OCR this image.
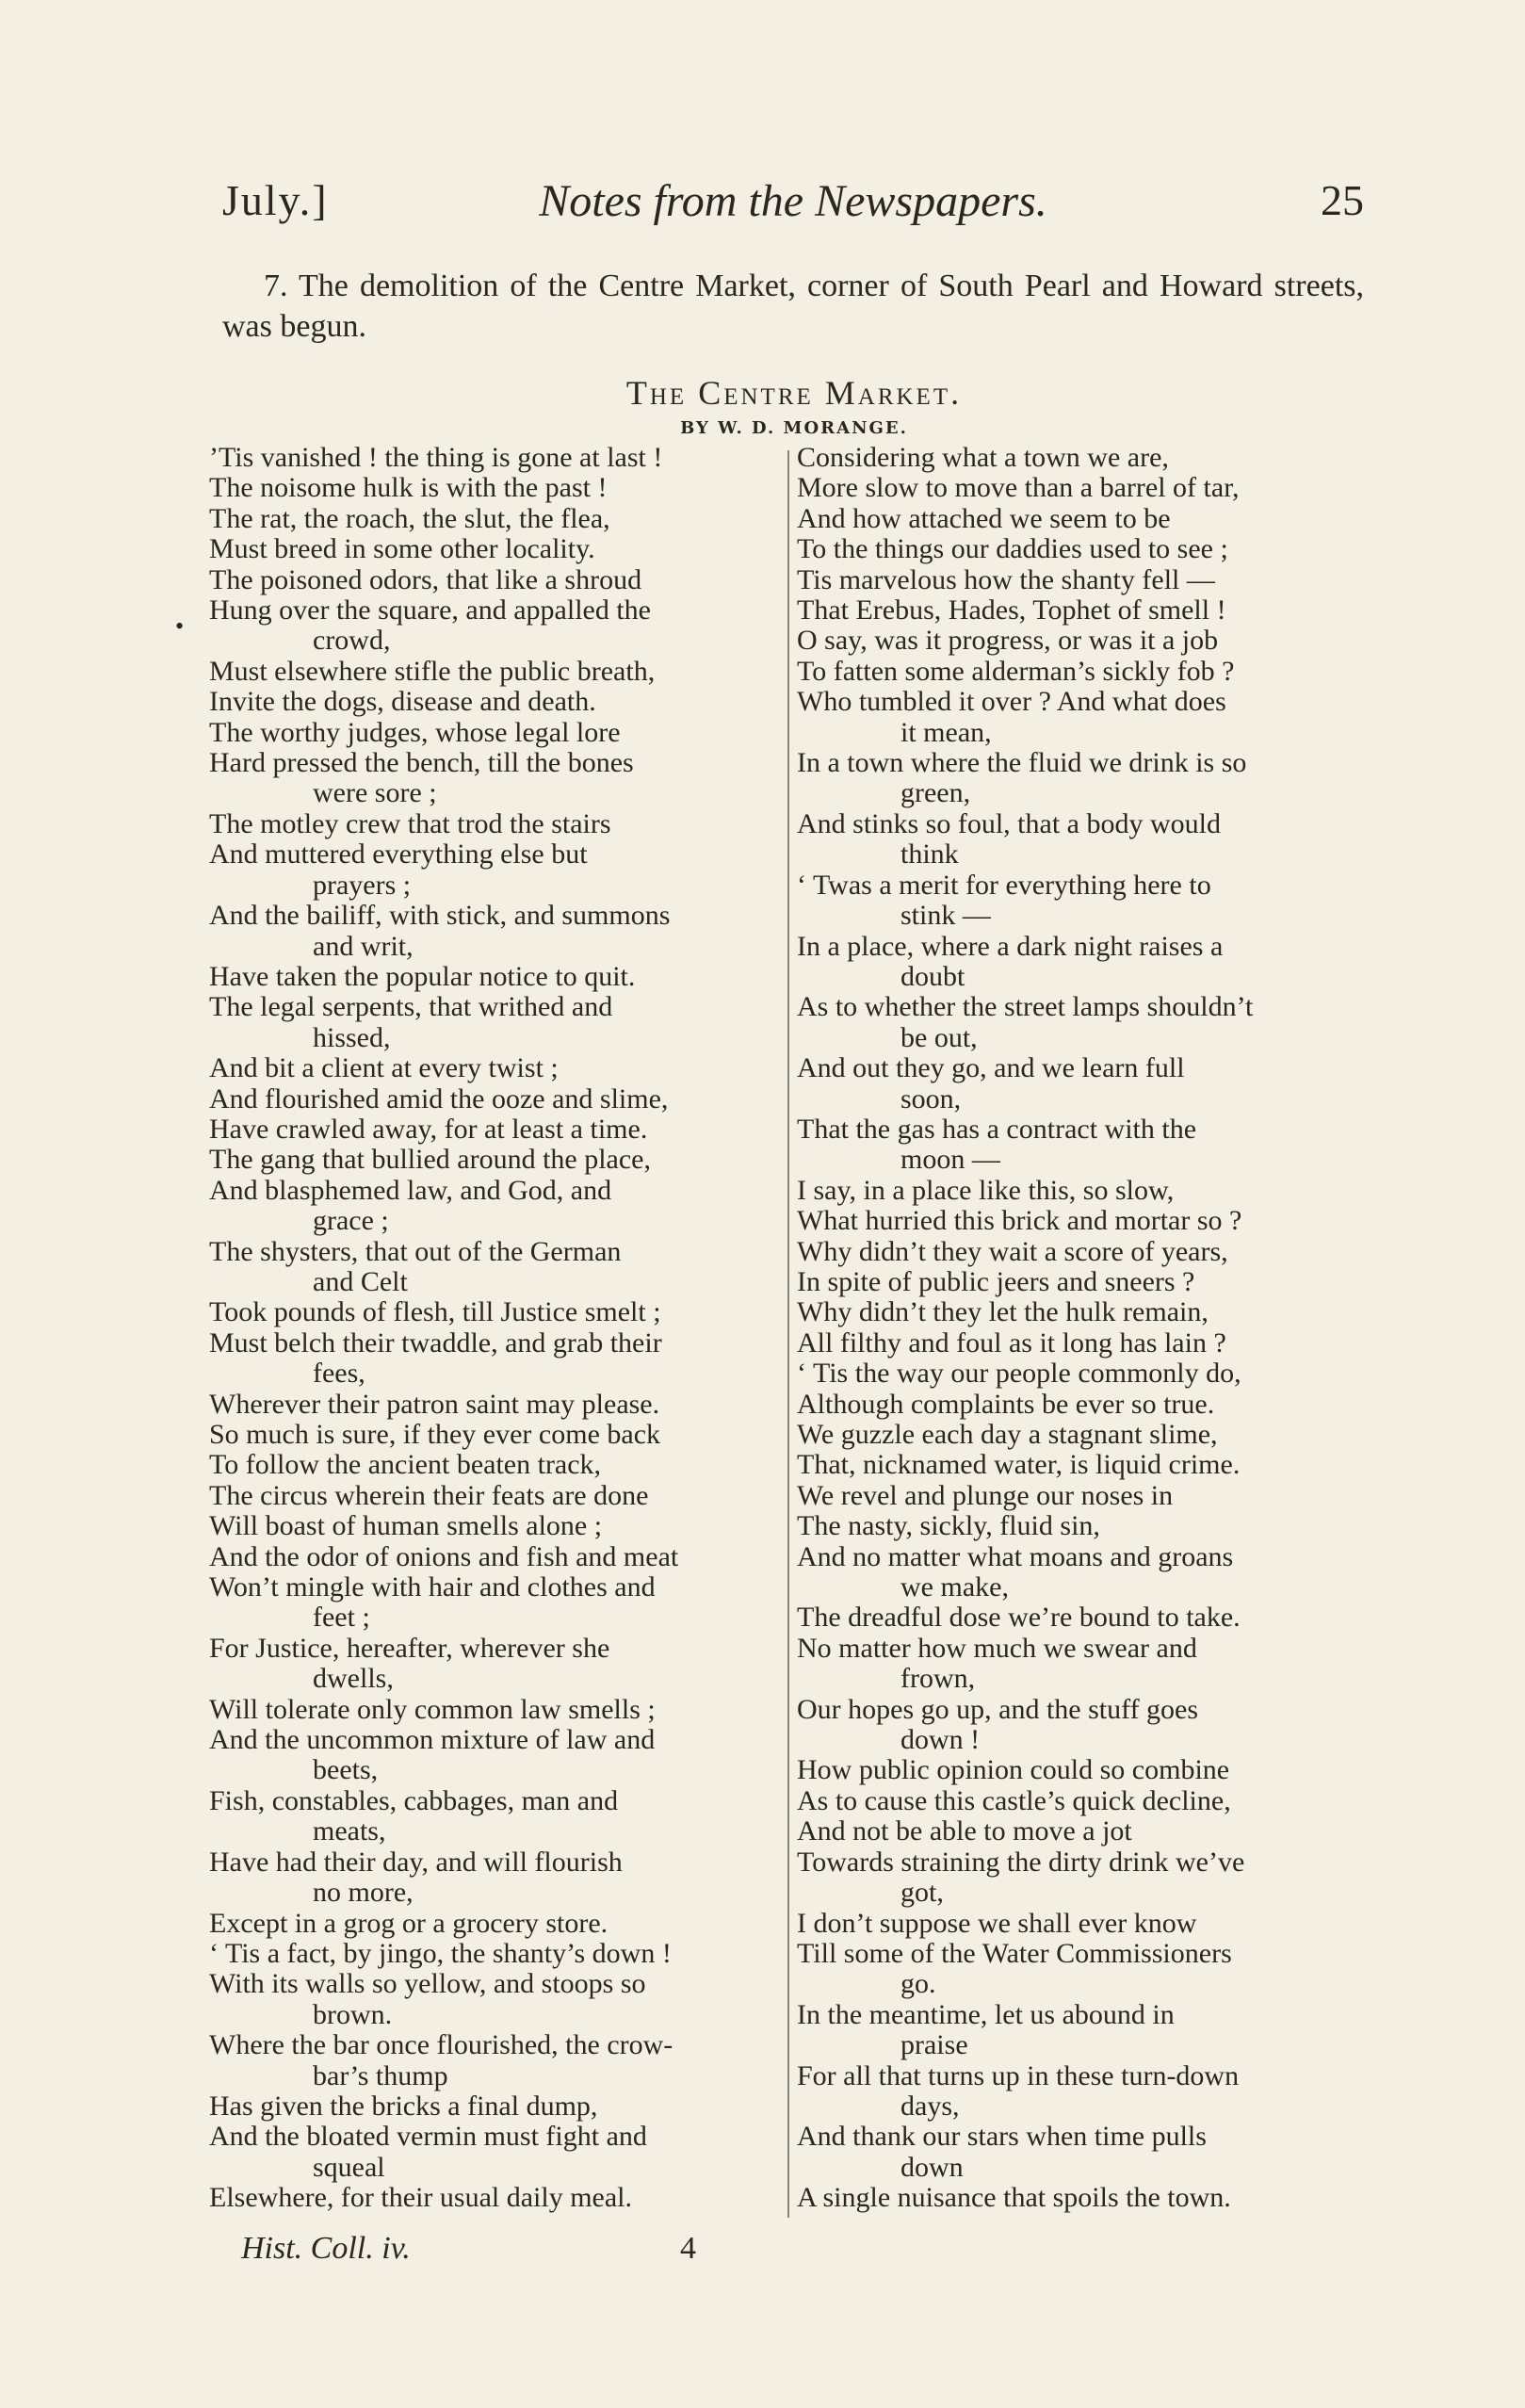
July.]	Notes from the Newspapers.	25

7. The demolition of the Centre Market, corner of South Pearl and Howard streets, was begun.

The Centre Market.
BY W. D. MORANGE.
•
’Tis vanished ! the thing is gone at last !
The noisome hulk is with the past !
The rat, the roach, the slut, the flea,
Must breed in some other locality.
The poisoned odors, that like a shroud
Hung over the square, and appalled the
crowd,
Must elsewhere stifle the public breath,
Invite the dogs, disease and death.
The worthy judges, whose legal lore
Hard pressed the bench, till the bones
were sore ;
The motley crew that trod the stairs
And muttered everything else but
prayers ;
And the bailiff, with stick, and summons
and writ,
Have taken the popular notice to quit.
The legal serpents, that writhed and
hissed,
And bit a client at every twist ;
And flourished amid the ooze and slime,
Have crawled away, for at least a time.
The gang that bullied around the place,
And blasphemed law, and God, and
grace ;
The shysters, that out of the German
and Celt
Took pounds of flesh, till Justice smelt ;
Must belch their twaddle, and grab their
fees,
Wherever their patron saint may please.
So much is sure, if they ever come back
To follow the ancient beaten track,
The circus wherein their feats are done
Will boast of human smells alone ;
And the odor of onions and fish and meat
Won’t mingle with hair and clothes and
feet ;
For Justice, hereafter, wherever she
dwells,
Will tolerate only common law smells ;
And the uncommon mixture of law and
beets,
Fish, constables, cabbages, man and
meats,
Have had their day, and will flourish
no more,
Except in a grog or a grocery store.
‘ Tis a fact, by jingo, the shanty’s down !
With its walls so yellow, and stoops so
brown.
Where the bar once flourished, the crow-
bar’s thump
Has given the bricks a final dump,
And the bloated vermin must fight and
squeal
Elsewhere, for their usual daily meal.
Considering what a town we are,
More slow to move than a barrel of tar,
And how attached we seem to be
To the things our daddies used to see ;
Tis marvelous how the shanty fell —
That Erebus, Hades, Tophet of smell !
O say, was it progress, or was it a job
To fatten some alderman’s sickly fob ?
Who tumbled it over ? And what does
it mean,
In a town where the fluid we drink is so
green,
And stinks so foul, that a body would
think
‘ Twas a merit for everything here to
stink —
In a place, where a dark night raises a
doubt
As to whether the street lamps shouldn’t
be out,
And out they go, and we learn full
soon,
That the gas has a contract with the
moon —
I say, in a place like this, so slow,
What hurried this brick and mortar so ?
Why didn’t they wait a score of years,
In spite of public jeers and sneers ?
Why didn’t they let the hulk remain,
All filthy and foul as it long has lain ?
‘ Tis the way our people commonly do,
Although complaints be ever so true.
We guzzle each day a stagnant slime,
That, nicknamed water, is liquid crime.
We revel and plunge our noses in
The nasty, sickly, fluid sin,
And no matter what moans and groans
we make,
The dreadful dose we’re bound to take.
No matter how much we swear and
frown,
Our hopes go up, and the stuff goes
down !
How public opinion could so combine
As to cause this castle’s quick decline,
And not be able to move a jot
Towards straining the dirty drink we’ve
got,
I don’t suppose we shall ever know
Till some of the Water Commissioners
go.
In the meantime, let us abound in
praise
For all that turns up in these turn-down
days,
And thank our stars when time pulls
down
A single nuisance that spoils the town.
Hist. Coll. iv.	4
